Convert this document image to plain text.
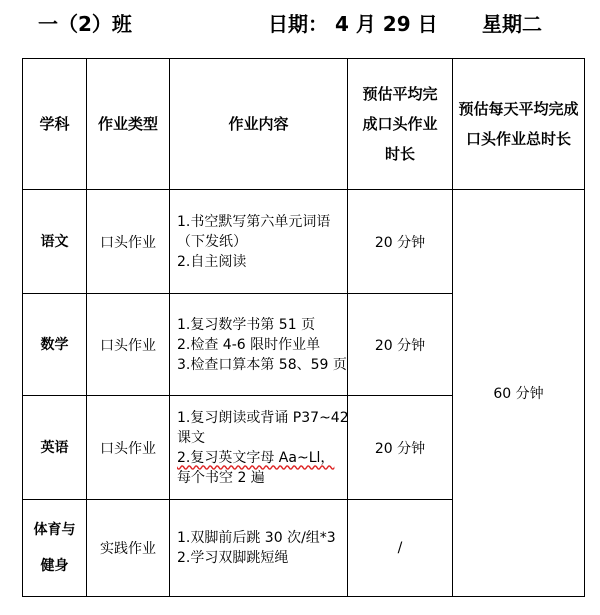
一（2）班	日期： 4 月 29 日 星期二
学科	作业类型	作业内容	预估平均完
成口头作业
时长	预估每天平均完成
口头作业总时长

语文	口头作业	1.书空默写第六单元词语
（下发纸）
2.自主阅读	20 分钟	60 分钟

数学	口头作业	1.复习数学书第 51 页
2.检查 4-6 限时作业单
3.检查口算本第 58、59 页	20 分钟	

英语	口头作业	1.复习朗读或背诵 P37~42
课文
2.复习英文字母 Aa~Ll，
每个书空 2 遍	20 分钟	

体育与
健身	实践作业	1.双脚前后跳 30 次/组*3
2.学习双脚跳短绳	/	
